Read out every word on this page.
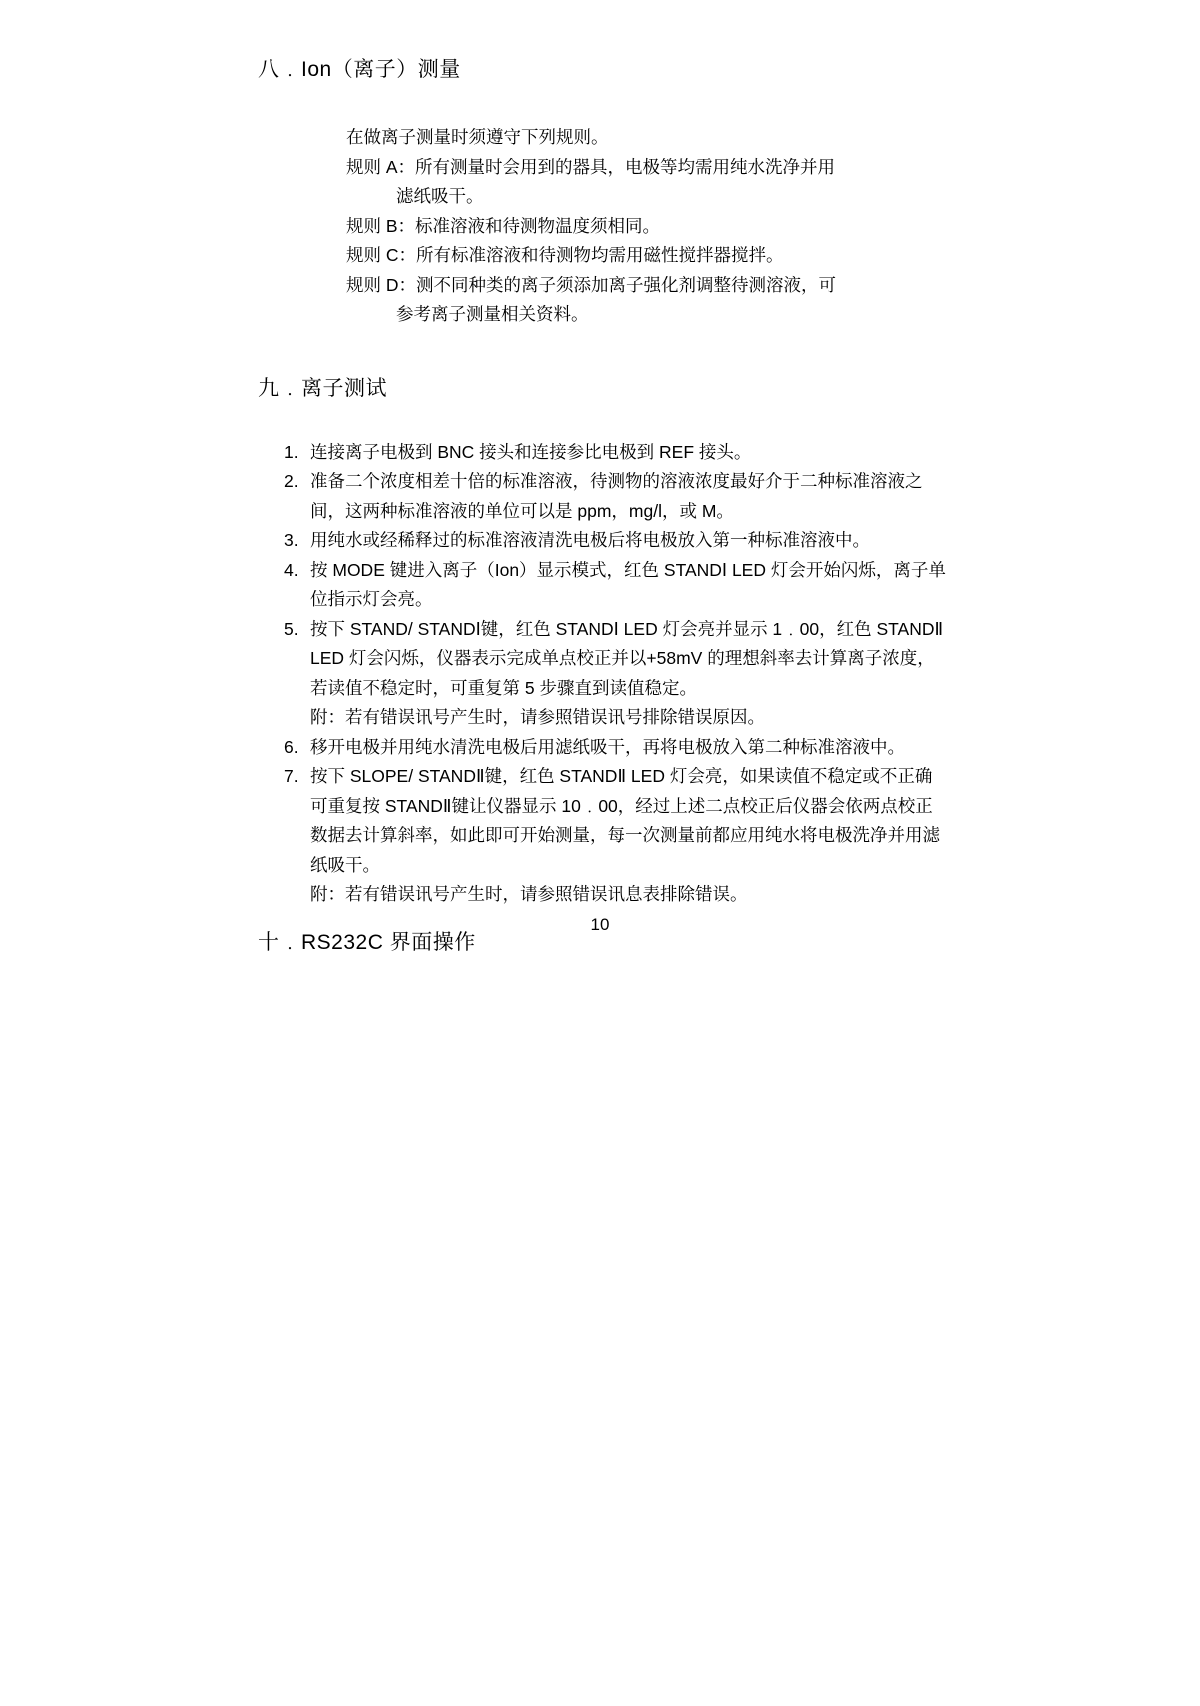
八﹒Ion（离子）测量
在做离子测量时须遵守下列规则。
规则 A： 所有测量时会用到的器具，电极等均需用纯水洗净并用
滤纸吸干。
规则 B： 标准溶液和待测物温度须相同。
规则 C： 所有标准溶液和待测物均需用磁性搅拌器搅拌。
规则 D： 测不同种类的离子须添加离子强化剂调整待测溶液，可
参考离子测量相关资料。
九﹒离子测试
1. 连接离子电极到 BNC 接头和连接参比电极到 REF 接头。
2. 准备二个浓度相差十倍的标准溶液，待测物的溶液浓度最好介于二种标准溶液之间，这两种标准溶液的单位可以是 ppm，mg/l，或 M。
3. 用纯水或经稀释过的标准溶液清洗电极后将电极放入第一种标准溶液中。
4. 按 MODE 键进入离子（Ion）显示模式，红色 STANDⅠ LED 灯会开始闪烁，离子单位指示灯会亮。
5. 按下 STAND/ STANDⅠ键，红色 STANDⅠ LED 灯会亮并显示 1﹒00，红色 STANDⅡ LED 灯会闪烁，仪器表示完成单点校正并以+58mV 的理想斜率去计算离子浓度，若读值不稳定时，可重复第 5 步骤直到读值稳定。
附：若有错误讯号产生时，请参照错误讯号排除错误原因。
6. 移开电极并用纯水清洗电极后用滤纸吸干，再将电极放入第二种标准溶液中。
7. 按下 SLOPE/ STANDⅡ键，红色 STANDⅡ LED 灯会亮，如果读值不稳定或不正确可重复按 STANDⅡ键让仪器显示 10﹒00，经过上述二点校正后仪器会依两点校正数据去计算斜率，如此即可开始测量，每一次测量前都应用纯水将电极洗净并用滤纸吸干。
附：若有错误讯号产生时，请参照错误讯息表排除错误。
十﹒RS232C 界面操作
10
